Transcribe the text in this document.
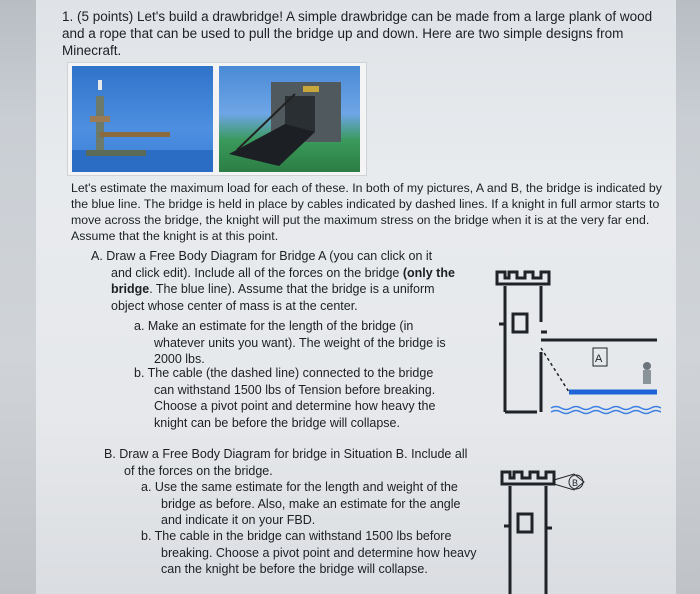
1. (5 points) Let's build a drawbridge! A simple drawbridge can be made from a large plank of wood and a rope that can be used to pull the bridge up and down. Here are two simple designs from Minecraft.

Let's estimate the maximum load for each of these. In both of my pictures, A and B, the bridge is indicated by the blue line. The bridge is held in place by cables indicated by dashed lines. If a knight in full armor starts to move across the bridge, the knight will put the maximum stress on the bridge when it is at the very far end. Assume that the knight is at this point.

A. Draw a Free Body Diagram for Bridge A (you can click on it
and click edit). Include all of the forces on the bridge (only the bridge. The blue line). Assume that the bridge is a uniform object whose center of mass is at the center.

a. Make an estimate for the length of the bridge (in
whatever units you want). The weight of the bridge is 2000 lbs.

b. The cable (the dashed line) connected to the bridge
can withstand 1500 lbs of Tension before breaking. Choose a pivot point and determine how heavy the knight can be before the bridge will collapse.

A

B. Draw a Free Body Diagram for bridge in Situation B. Include all
of the forces on the bridge.

a. Use the same estimate for the length and weight of the
bridge as before. Also, make an estimate for the angle and indicate it on your FBD.

b. The cable in the bridge can withstand 1500 lbs before
breaking. Choose a pivot point and determine how heavy can the knight be before the bridge will collapse.

B
